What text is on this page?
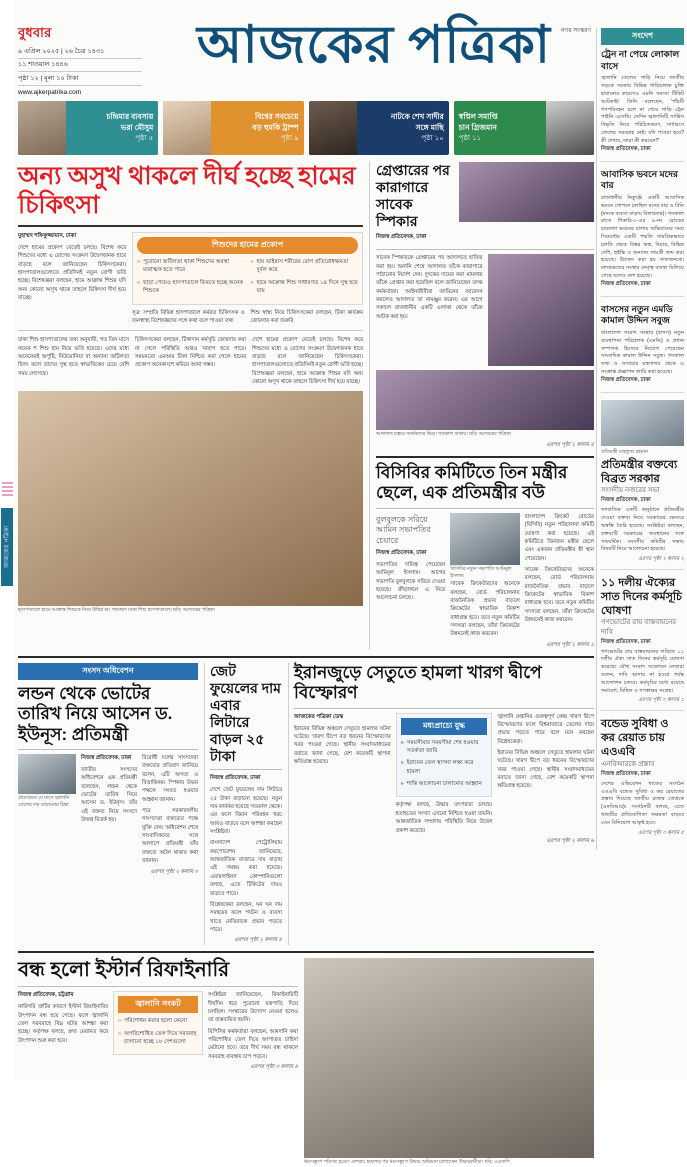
আজকের পত্রিকা
বুধবার
৯ এপ্রিল ২০২৫ | ২৬ চৈত্র ১৪৩১
১১ শাওয়াল ১৪৪৬
পৃষ্ঠা ১২ | মূল্য ১০ টাকা
www.ajkerpatrika.com
নগর সংস্করণ
আজকের পত্রিকা
চন্দ্রিমার ব্যবসায়
ভরা মৌসুম
পৃষ্ঠা ৫
বিশ্বের সবচেয়ে
বড় হুমকি ট্রাম্প
পৃষ্ঠা ৯
নাটকে শেখ সাদীর
সঙ্গে মাছি
পৃষ্ঠা ১০
স্বপ্নিল সমাপ্তি
চান গ্রিজমান
পৃষ্ঠা ১১
সংদেশ
ট্রেন না পেয়ে লোকাল বাসে
জ্বালানি তেলের গাড়ি নিয়ে জাতীয় সড়কে সরকার বিভিন্ন গাড়িচালক চুক্তি হারানোর কারণেও এমনি সমস্যা টিকিট আটকাই। তিনি বলেছেন, 'পাঁচটি গণপরিবহন চলে না পেয়ে গাড়ি ট্রেন পাইনি এসেছি। সেদিন জ্বালানিটি সার্ভিস বিভৃতি নিয়ে পরিচিতকরণ, সাধারণে তেলের সরবরাহ নেই। যদি পাওয়া হবে? কী দেখায়, তারা কী করবেন?'
নিজস্ব প্রতিবেদক, ঢাকা
আবাসিক ভবনে মদের বার
রাজধানীর নিকুঞ্জে একটি আবাসিক ভবনে গোপনে চলছিল মদের বার ও বিনি (মদকে ব্যবসা বাড়ায় বিলানোর)। গতকাল রাতে শিকারি-১-এর ৯-নং রোডের চারতলা ভবনের চালায় অভিযানের সময় সিমেন্টের একটি পদ্ধতি সামগ্রিকভাবে চলতি থেকে বিস্তর অস্ত্র, বিয়ার, বিভিন্ন দেশি, হুইস্কি ও অন্যান্য সামগ্রী জব্দ করা হয়েছে। উচ্ছেদ করা হয় সাতজনকে। মাদকদ্রব্যের সংস্থার নেতৃত্ব ব্যবস্থা মিলিয়ে গেছে বলেও বলা হয়েছে।
নিজস্ব প্রতিবেদক, ঢাকা
বাসসের নতুন এমডি কামাল উদ্দিন সবুজ
বাংলাদেশ সংবাদ সংস্থার (বাসস) নতুন ব্যবস্থাপনা পরিচালক (এমডি) ও প্রধান সম্পাদক হিসেবে নিয়োগ পেয়েছেন সাংবাদিক কামাল উদ্দিন সবুজ। গতকাল তথ্য ও সম্প্রচার মন্ত্রণালয় থেকে এ সংক্রান্ত প্রজ্ঞাপন জারি করা হয়েছে।
নিজস্ব প্রতিবেদক, ঢাকা
প্রতিমন্ত্রী মাহফুজ রহমান
প্রতিমন্ত্রীর বক্তব্যে বিব্রত সরকার
সংসদীয় নজরের সভা
নিজস্ব প্রতিবেদক, ঢাকা
সাম্প্রতিক একটি অনুষ্ঠানে প্রতিমন্ত্রীর দেওয়া বক্তব্য নিয়ে সরকারের ভেতরে অস্বস্তি তৈরি হয়েছে। সংশ্লিষ্টরা বলছেন, বক্তব্যটি সরকারের অবস্থানের সঙ্গে সাংঘর্ষিক। সংসদীয় কমিটির সভায় বিষয়টি নিয়ে আলোচনা হয়েছে।
এরপর পৃষ্ঠা ২ কলাম ২
১১ দলীয় ঐক্যের সাত দিনের কর্মসূচি ঘোষণা
গণভোটের রায় বাস্তবায়নের দাবি
নিজস্ব প্রতিবেদক, ঢাকা
গণভোটের রায় বাস্তবায়নের দাবিতে ১১ দলীয় ঐক্য সাত দিনের কর্মসূচি ঘোষণা করেছে। যৌথ সংবাদ সম্মেলনে নেতারা বলেন, দাবি আদায় না হওয়া পর্যন্ত আন্দোলন চলবে। কর্মসূচির মধ্যে রয়েছে সমাবেশ, মিছিল ও গণস্বাক্ষর সংগ্রহ।
এরপর পৃষ্ঠা ৩ কলাম ১
বন্ডেড সুবিধা ও কর রেয়াত চায় এওএবি
এনবিআরকে প্রস্তাব
নিজস্ব প্রতিবেদক, ঢাকা
দেশের এভিয়েশন খাতের সংগঠন এওএবি বন্ডেড সুবিধা ও কর রেয়াতের প্রস্তাব দিয়েছে জাতীয় রাজস্ব বোর্ডকে (এনবিআর)। সংগঠনটি বলছে, এতে খাতটির প্রতিযোগিতা সক্ষমতা বাড়বে এবং বিনিয়োগ আকৃষ্ট হবে।
এরপর পৃষ্ঠা ৩ কলাম ৫
অন্য অসুখ থাকলে দীর্ঘ হচ্ছে হামের চিকিৎসা
মুহাম্মদ শফিকুজ্জামান, ঢাকা
দেশে হামের প্রকোপ বেড়েই চলছে। বিশেষ করে শিশুদের মধ্যে এ রোগের সংক্রমণ উদ্বেগজনক হারে বাড়ছে বলে জানিয়েছেন চিকিৎসকেরা। হাসপাতালগুলোতে প্রতিদিনই নতুন রোগী ভর্তি হচ্ছে। বিশেষজ্ঞরা বলছেন, হামে আক্রান্ত শিশুর যদি অন্য কোনো অসুখ থাকে তাহলে চিকিৎসা দীর্ঘ হয়ে যাচ্ছে।
শিশুদের হামের প্রকোপ
» পুরোনো জটিলতা থাকা শিশুদের অবস্থা মারাত্মক হতে পারে
» ছাড়া পেয়েও হাসপাতালে ফিরতে হচ্ছে অনেক শিশুকে
» হাম ভাইরাস শরীরের রোগ প্রতিরোধক্ষমতা দুর্বল করে
» হামে আক্রান্ত শিশু সাধারণত ১৪ দিনে সুস্থ হয়ে যায়
সূত্র: সম্প্রতি বিভিন্ন হাসপাতালে কর্মরত চিকিৎসক ও জনস্বাস্থ্য বিশেষজ্ঞদের সঙ্গে কথা বলে পাওয়া তথ্য
শিশু স্বাস্থ্য নিয়ে চিকিৎসকেরা বলছেন, টিকা কার্যক্রম জোরদার করা জরুরি
ঢাকা শিশু হাসপাতালের তথ্য অনুযায়ী, গত তিন মাসে কয়েক শ শিশু হাম নিয়ে ভর্তি হয়েছে। এদের মধ্যে অনেকেরই অপুষ্টি, নিউমোনিয়া বা অন্যান্য জটিলতা ছিল। ফলে তাদের সুস্থ হতে স্বাভাবিকের চেয়ে বেশি সময় লেগেছে।
চিকিৎসকেরা বলছেন, টিকাদান কর্মসূচি জোরদার করা না গেলে পরিস্থিতি আরও খারাপ হতে পারে। সময়মতো এমআর টিকা নিশ্চিত করা গেলে হামের প্রকোপ অনেকাংশে কমিয়ে আনা সম্ভব।
দেশে হামের প্রকোপ বেড়েই চলছে। বিশেষ করে শিশুদের মধ্যে এ রোগের সংক্রমণ উদ্বেগজনক হারে বাড়ছে বলে জানিয়েছেন চিকিৎসকেরা। হাসপাতালগুলোতে প্রতিদিনই নতুন রোগী ভর্তি হচ্ছে। বিশেষজ্ঞরা বলছেন, হামে আক্রান্ত শিশুর যদি অন্য কোনো অসুখ থাকে তাহলে চিকিৎসা দীর্ঘ হয়ে যাচ্ছে।
হাসপাতালে হামে আক্রান্ত শিশুকে নিয়ে উদ্বিগ্ন মা। গতকাল ঢাকা শিশু হাসপাতালে। ছবি: আজকের পত্রিকা
গ্রেপ্তারের পর কারাগারে সাবেক স্পিকার
নিজস্ব প্রতিবেদক, ঢাকা
সাবেক স্পিকারকে গ্রেপ্তারের পর আদালতে হাজির করা হয়। শুনানি শেষে আদালত তাঁকে কারাগারে পাঠানোর নির্দেশ দেন। দুদকের দায়ের করা মামলায় তাঁকে গ্রেপ্তার করা হয়েছিল বলে জানিয়েছেন তদন্ত কর্মকর্তারা। আইনজীবীরা জামিনের আবেদন করলেও আদালত তা নামঞ্জুর করেন। এর আগে সকালে রাজধানীর একটি এলাকা থেকে তাঁকে আটক করা হয়।
আদালত চত্বরে সমর্থকদের ভিড়। গতকাল ঢাকায়। ছবি: আজকের পত্রিকা
এরপর পৃষ্ঠা ২ কলাম ৫
বিসিবির কমিটিতে তিন মন্ত্রীর ছেলে, এক প্রতিমন্ত্রীর বউ
বুলবুলকে সরিয়ে আমিন সভাপতির চেয়ারে
নিজস্ব প্রতিবেদক, ঢাকা
সভাপতির দায়িত্ব পেয়েছেন আমিনুল ইসলাম। আগের সভাপতি বুলবুলকে সরিয়ে দেওয়া হয়েছে। ক্রীড়াঙ্গনে এ নিয়ে আলোচনা চলছে।
বিসিবির নতুন সভাপতি আমিনুল ইসলাম
সাবেক ক্রিকেটারদের অনেকে বলছেন, বোর্ড পরিচালনায় রাজনৈতিক প্রভাব বাড়লে ক্রিকেটের স্বাভাবিক বিকাশ বাধাগ্রস্ত হবে। তবে নতুন কমিটির সদস্যরা বলছেন, তাঁরা ক্রিকেটের উন্নয়নেই কাজ করবেন।
বাংলাদেশ ক্রিকেট বোর্ডের (বিসিবি) নতুন পরিচালনা কমিটি ঘোষণা করা হয়েছে। এই কমিটিতে তিনজন মন্ত্রীর ছেলে এবং একজন প্রতিমন্ত্রীর স্ত্রী স্থান পেয়েছেন।
সাবেক ক্রিকেটারদের অনেকে বলছেন, বোর্ড পরিচালনায় রাজনৈতিক প্রভাব বাড়লে ক্রিকেটের স্বাভাবিক বিকাশ বাধাগ্রস্ত হবে। তবে নতুন কমিটির সদস্যরা বলছেন, তাঁরা ক্রিকেটের উন্নয়নেই কাজ করবেন।
এরপর পৃষ্ঠা ২ কলাম ১
সংসদ অধিবেশন
লন্ডন থেকে ভোটের তারিখ নিয়ে আসেন ড. ইউনূস: প্রতিমন্ত্রী
প্রয়োজনে যে মাসে জ্বালানি তেলের দাম বাড়ানোর চিন্তা
নিজস্ব প্রতিবেদক, ঢাকা
জাতীয় সংসদের অধিবেশনে এক প্রতিমন্ত্রী বলেছেন, লন্ডন থেকে ভোটের তারিখ নিয়ে আসেন ড. ইউনূস। তাঁর এই বক্তব্য নিয়ে সংসদে উত্তপ্ত বিতর্ক হয়।
বিরোধী দলের সাংসদেরা বক্তব্যের প্রতিবাদ জানিয়ে বলেন, এটি অসত্য ও বিভ্রান্তিকর। স্পিকার উভয় পক্ষকে সংযত হওয়ার আহ্বান জানান।
পরে সরকারদলীয় সাংসদেরা বক্তব্যের পক্ষে যুক্তি দেন। অধিবেশন শেষে সাংবাদিকদের সঙ্গে আলাপে প্রতিমন্ত্রী তাঁর বক্তব্যে অটল থাকার কথা জানান।
এরপর পৃষ্ঠা ২ কলাম ৩
জেট ফুয়েলের দাম এবার লিটারে বাড়ল ২৫ টাকা
নিজস্ব প্রতিবেদক, ঢাকা
দেশে জেট ফুয়েলের দাম লিটারে ২৫ টাকা বাড়ানো হয়েছে। নতুন দাম কার্যকর হয়েছে গতকাল থেকে। এর ফলে বিমান পরিবহন খরচ আরও বাড়বে বলে আশঙ্কা করছেন সংশ্লিষ্টরা।
বাংলাদেশ পেট্রোলিয়াম করপোরেশন জানিয়েছে, আন্তর্জাতিক বাজারে দাম বাড়ায় এই সমন্বয় করা হয়েছে। এয়ারলাইনস কোম্পানিগুলো বলছে, এতে টিকিটের দামও বাড়তে পারে।
বিশ্লেষকেরা বলছেন, ঘন ঘন দাম সমন্বয়ের ফলে পর্যটন ও ব্যবসা খাতে নেতিবাচক প্রভাব পড়তে পারে।
এরপর পৃষ্ঠা ২ কলাম ৪
ইরানজুড়ে সেতুতে হামলা খারগ দ্বীপে বিস্ফোরণ
আজকের পত্রিকা ডেস্ক
ইরানের বিভিন্ন অঞ্চলে সেতুতে হামলার ঘটনা ঘটেছে। খারগ দ্বীপে বড় ধরনের বিস্ফোরণের খবর পাওয়া গেছে। স্থানীয় সংবাদমাধ্যমের বরাতে জানা গেছে, বেশ কয়েকটি স্থাপনা ক্ষতিগ্রস্ত হয়েছে।
মধ্যপ্রাচ্যে যুদ্ধ
» সময়সীমার সময়সীমা শেষ হওয়ার সতর্কতা জারি
» ইরানের তেল স্থাপনা লক্ষ্য করে হামলা
» শান্তি আলোচনা চালানোর আহ্বান
কর্তৃপক্ষ বলছে, উদ্ধার তৎপরতা চলছে। হতাহতের সংখ্যা এখনো নিশ্চিত হওয়া যায়নি। আন্তর্জাতিক সম্প্রদায় পরিস্থিতি নিয়ে উদ্বেগ প্রকাশ করেছে।
জ্বালানি রপ্তানির গুরুত্বপূর্ণ কেন্দ্র খারগ দ্বীপে বিস্ফোরণের ফলে বিশ্ববাজারে তেলের দামে প্রভাব পড়তে পারে বলে মনে করছেন বিশ্লেষকেরা।
ইরানের বিভিন্ন অঞ্চলে সেতুতে হামলার ঘটনা ঘটেছে। খারগ দ্বীপে বড় ধরনের বিস্ফোরণের খবর পাওয়া গেছে। স্থানীয় সংবাদমাধ্যমের বরাতে জানা গেছে, বেশ কয়েকটি স্থাপনা ক্ষতিগ্রস্ত হয়েছে।
এরপর পৃষ্ঠা ২ কলাম ৬
বন্ধ হলো ইস্টার্ন রিফাইনারি
নিজস্ব প্রতিবেদক, চট্টগ্রাম
কারিগরি ত্রুটির কারণে ইস্টার্ন রিফাইনারির উৎপাদন বন্ধ হয়ে গেছে। ফলে জ্বালানি তেল সরবরাহে বিঘ্ন ঘটার আশঙ্কা করা হচ্ছে। কর্তৃপক্ষ বলছে, দ্রুত মেরামত করে উৎপাদন শুরু করা হবে।
জ্বালানি সংকট
» পরিশোধন করার হলো কেনো
» অপরিশোধিত তেল দিয়ে সরবরাহ চালানো হচ্ছে ১৮ দেশগুলো
সংশ্লিষ্টরা জানিয়েছেন, রিফাইনারিটি দীর্ঘদিন ধরে পুরোনো যন্ত্রপাতি দিয়ে চলছিল। সংস্কারের উদ্যোগ নেওয়া হলেও তা বাস্তবায়িত হয়নি।
বিপিসির কর্মকর্তারা বলছেন, আমদানি করা পরিশোধিত তেল দিয়ে আপাতত চাহিদা মেটানো হবে। তবে দীর্ঘ সময় বন্ধ থাকলে সরবরাহ ব্যবস্থায় চাপ পড়বে।
এরপর পৃষ্ঠা ৩ কলাম ৪
ধ্বংসস্তূপে পরিণত হওয়া এলাকা। হামলার পর ধ্বংসস্তূপে উদ্ধার অভিযান চালাচ্ছেন উদ্ধারকর্মীরা। ছবি: এএফপি
